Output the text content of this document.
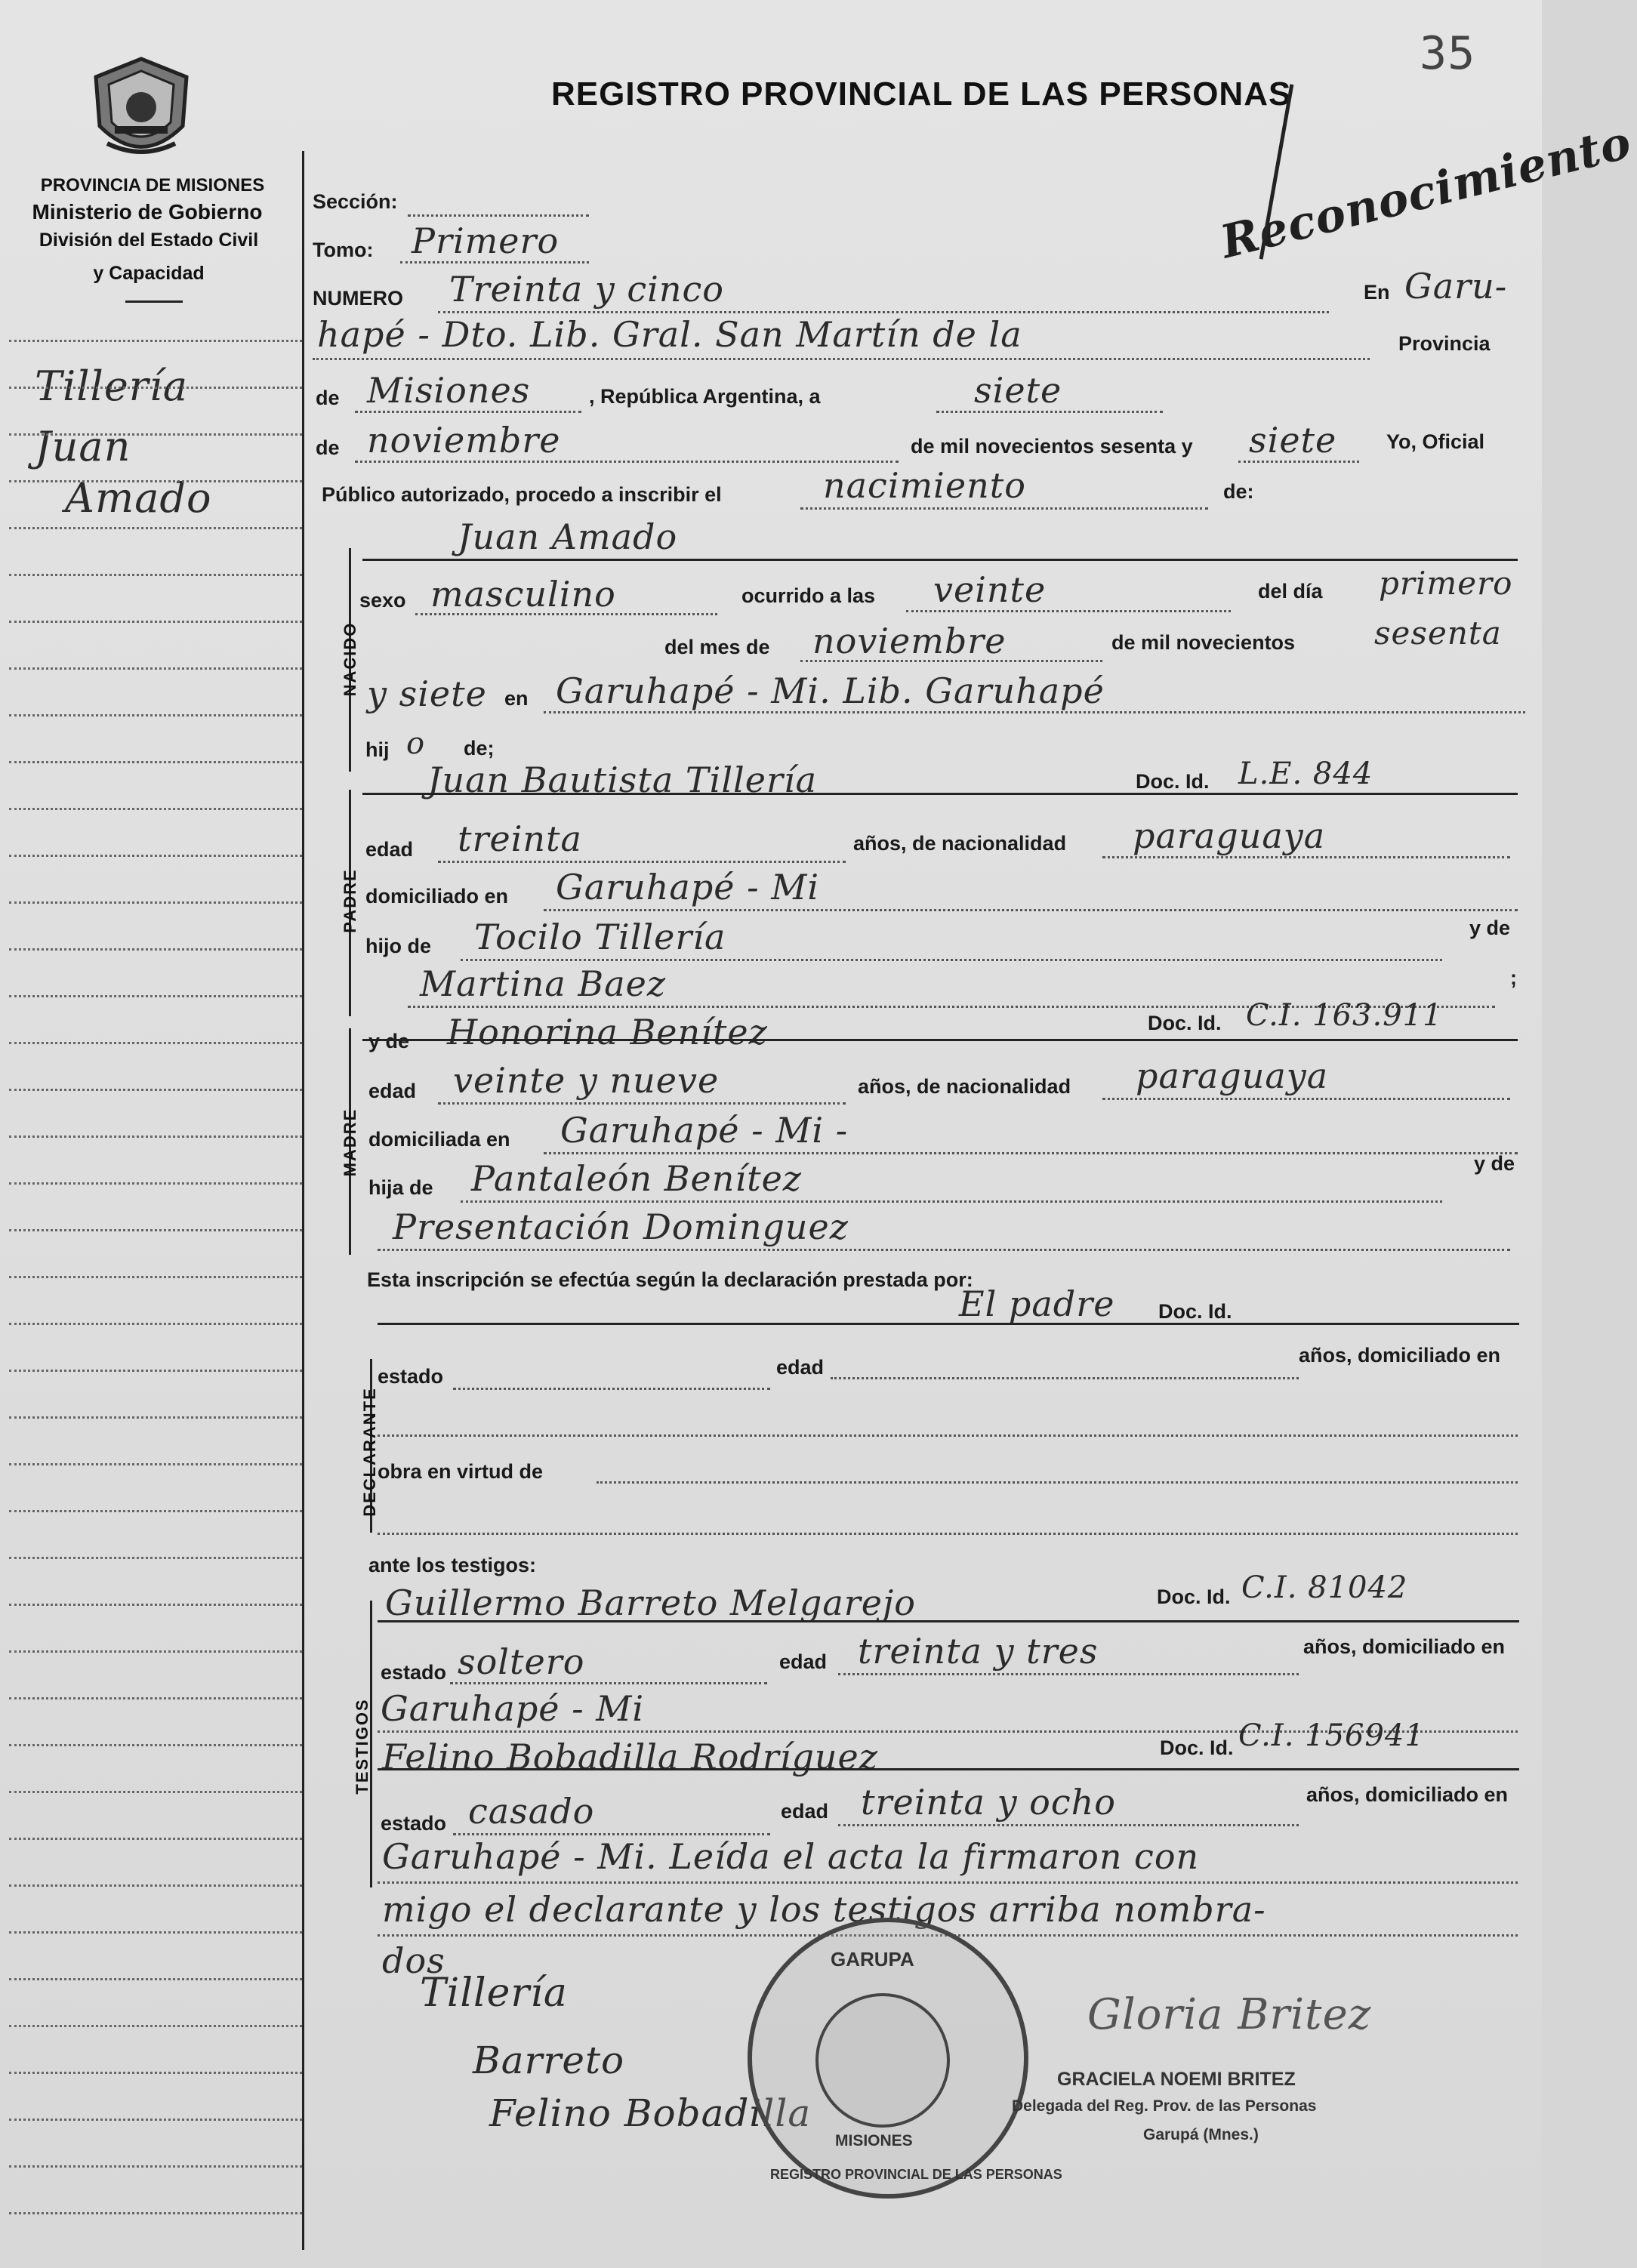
35
REGISTRO PROVINCIAL DE LAS PERSONAS
PROVINCIA DE MISIONES
Ministerio de Gobierno
División del Estado Civil
y Capacidad
Tillería
Juan
Amado
Reconocimiento
Sección:
Tomo: Primero
NUMERO Treinta y cinco	En Garu-
hapé - Dto. Lib. Gral. San Martín de la	Provincia
de Misiones	, República Argentina, a	siete
de noviembre	de mil novecientos sesenta y siete Yo, Oficial
Público autorizado, procedo a inscribir el	nacimiento	de:
NACIDO
Juan Amado
sexo masculino	ocurrido a las veinte	del día primero
del mes de noviembre	de mil novecientos sesenta
y siete en Garuhapé - Mi. Lib. Garuhapé
hij o de;
PADRE
Juan Bautista Tillería	Doc. Id. L.E. 844
edad treinta	años, de nacionalidad paraguaya
domiciliado en Garuhapé - Mi
hijo de Tocilo Tillería	y de
Martina Baez	;
MADRE
y de Honorina Benítez	Doc. Id. C.I. 163.911
edad veinte y nueve	años, de nacionalidad paraguaya
domiciliada en Garuhapé - Mi -
hija de Pantaleón Benítez	y de
Presentación Dominguez
Esta inscripción se efectúa según la declaración prestada por:
DECLARANTE
El padre Doc. Id.
estado	edad
años, domiciliado en
obra en virtud de
ante los testigos:
TESTIGOS
Guillermo Barreto Melgarejo	Doc. Id. C.I. 81042
estado soltero	edad treinta y tres	años, domiciliado en
Garuhapé - Mi
Felino Bobadilla Rodríguez	Doc. Id. C.I. 156941
estado casado	edad treinta y ocho	años, domiciliado en
Garuhapé - Mi. Leída el acta la firmaron con
migo el declarante y los testigos arriba nombra-
dos
Tillería
Barreto
Felino Bobadilla
Gloria Britez
GARUPA
REGISTRO PROVINCIAL DE LAS PERSONAS
MISIONES
GRACIELA NOEMI BRITEZ
Delegada del Reg. Prov. de las Personas
Garupá (Mnes.)
